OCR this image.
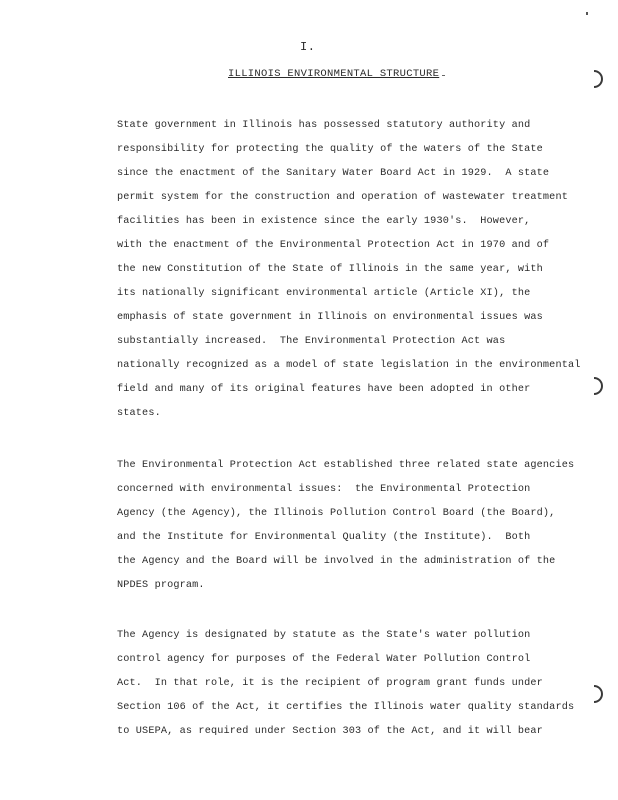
I.
ILLINOIS ENVIRONMENTAL STRUCTURE
State government in Illinois has possessed statutory authority and
responsibility for protecting the quality of the waters of the State
since the enactment of the Sanitary Water Board Act in 1929.  A state
permit system for the construction and operation of wastewater treatment
facilities has been in existence since the early 1930's.  However,
with the enactment of the Environmental Protection Act in 1970 and of
the new Constitution of the State of Illinois in the same year, with
its nationally significant environmental article (Article XI), the
emphasis of state government in Illinois on environmental issues was
substantially increased.  The Environmental Protection Act was
nationally recognized as a model of state legislation in the environmental
field and many of its original features have been adopted in other
states.
The Environmental Protection Act established three related state agencies
concerned with environmental issues:  the Environmental Protection
Agency (the Agency), the Illinois Pollution Control Board (the Board),
and the Institute for Environmental Quality (the Institute).  Both
the Agency and the Board will be involved in the administration of the
NPDES program.
The Agency is designated by statute as the State's water pollution
control agency for purposes of the Federal Water Pollution Control
Act.  In that role, it is the recipient of program grant funds under
Section 106 of the Act, it certifies the Illinois water quality standards
to USEPA, as required under Section 303 of the Act, and it will bear
